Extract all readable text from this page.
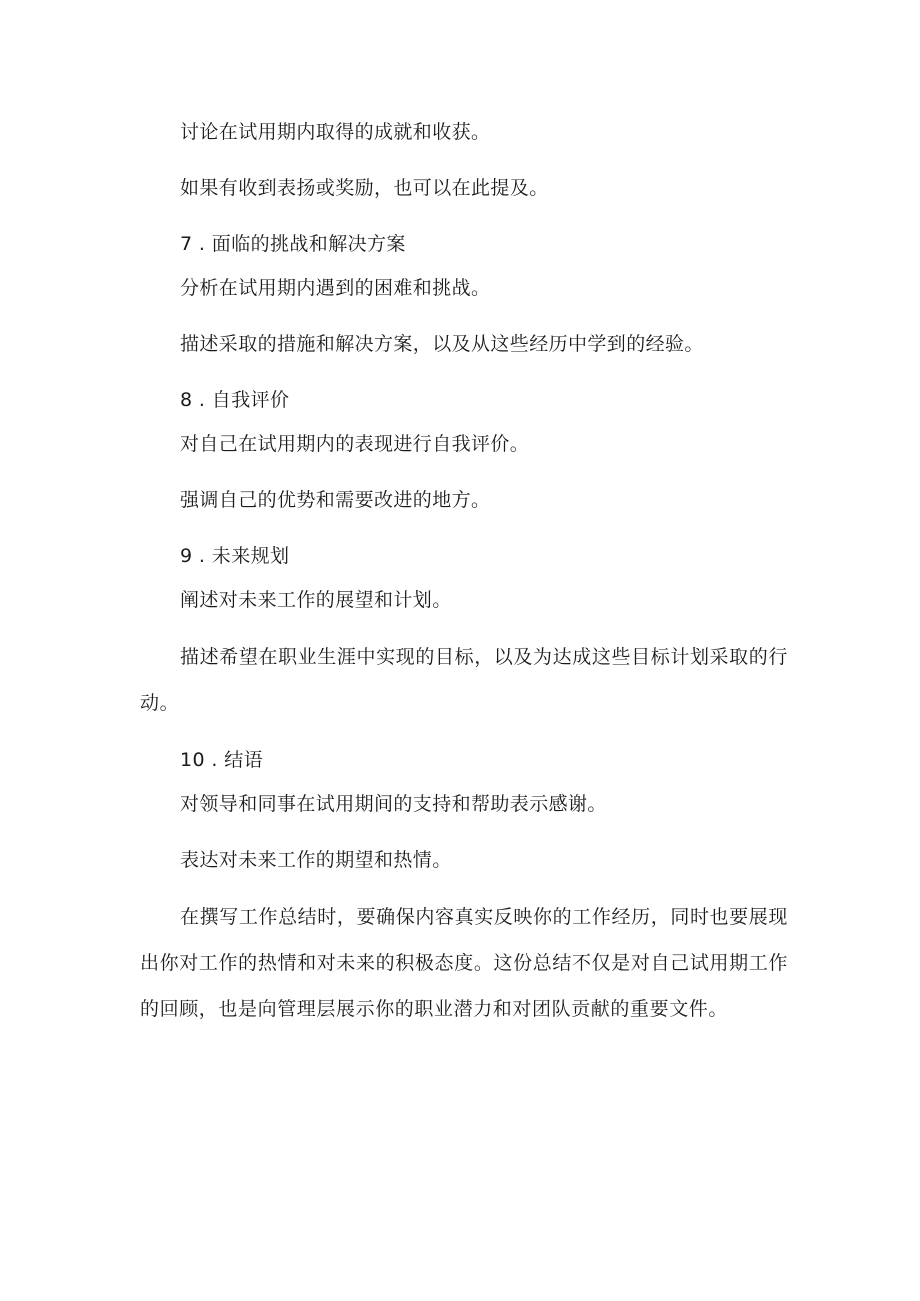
讨论在试用期内取得的成就和收获。

如果有收到表扬或奖励，也可以在此提及。

7 . 面临的挑战和解决方案

分析在试用期内遇到的困难和挑战。

描述采取的措施和解决方案，以及从这些经历中学到的经验。

8 . 自我评价

对自己在试用期内的表现进行自我评价。

强调自己的优势和需要改进的地方。

9 . 未来规划

阐述对未来工作的展望和计划。

描述希望在职业生涯中实现的目标，以及为达成这些目标计划采取的行动。

10 . 结语

对领导和同事在试用期间的支持和帮助表示感谢。

表达对未来工作的期望和热情。

在撰写工作总结时，要确保内容真实反映你的工作经历，同时也要展现出你对工作的热情和对未来的积极态度。这份总结不仅是对自己试用期工作的回顾，也是向管理层展示你的职业潜力和对团队贡献的重要文件。
